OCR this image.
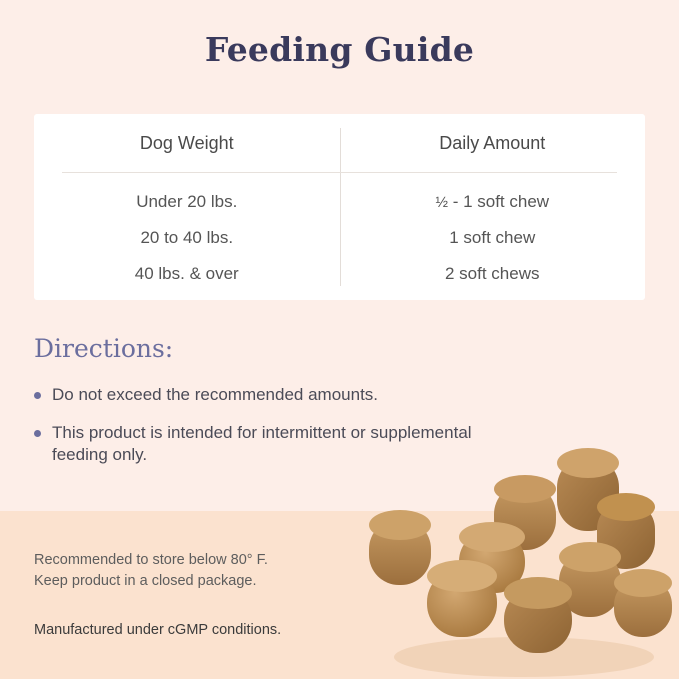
Feeding Guide
Dog Weight	Daily Amount
Under 20 lbs.	½ - 1 soft chew
20 to 40 lbs.	1 soft chew
40 lbs. & over	2 soft chews
Directions:
Do not exceed the recommended amounts.
This product is intended for intermittent or supplemental feeding only.
Recommended to store below 80° F.
Keep product in a closed package.
Manufactured under cGMP conditions.
